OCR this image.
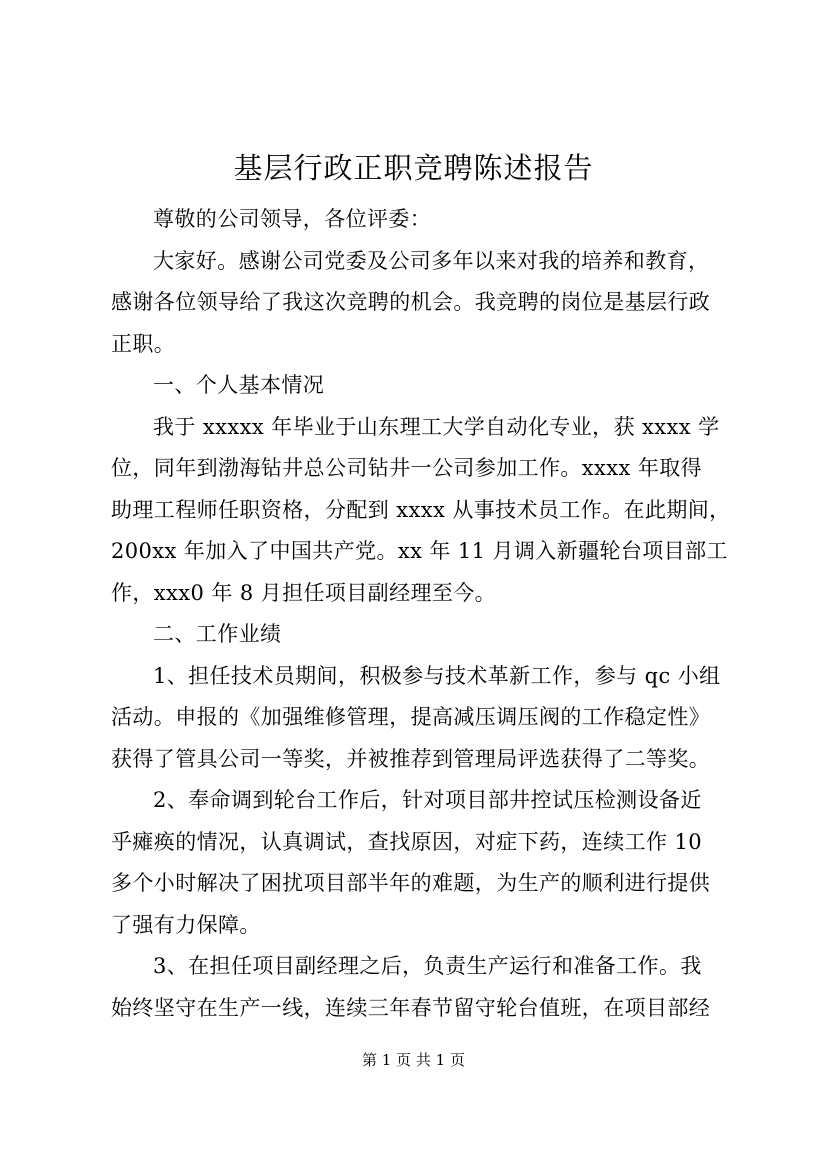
基层行政正职竞聘陈述报告
尊敬的公司领导，各位评委：
大家好。感谢公司党委及公司多年以来对我的培养和教育，
感谢各位领导给了我这次竞聘的机会。我竞聘的岗位是基层行政
正职。
一、个人基本情况
我于 xxxxx 年毕业于山东理工大学自动化专业，获 xxxx 学
位，同年到渤海钻井总公司钻井一公司参加工作。xxxx 年取得
助理工程师任职资格，分配到 xxxx 从事技术员工作。在此期间，
200xx 年加入了中国共产党。xx 年 11 月调入新疆轮台项目部工
作，xxx0 年 8 月担任项目副经理至今。
二、工作业绩
1、担任技术员期间，积极参与技术革新工作，参与 qc 小组
活动。申报的《加强维修管理，提高减压调压阀的工作稳定性》
获得了管具公司一等奖，并被推荐到管理局评选获得了二等奖。
2、奉命调到轮台工作后，针对项目部井控试压检测设备近
乎瘫痪的情况，认真调试，查找原因，对症下药，连续工作 10
多个小时解决了困扰项目部半年的难题，为生产的顺利进行提供
了强有力保障。
3、在担任项目副经理之后，负责生产运行和准备工作。我
始终坚守在生产一线，连续三年春节留守轮台值班，在项目部经
第 1 页 共 1 页
